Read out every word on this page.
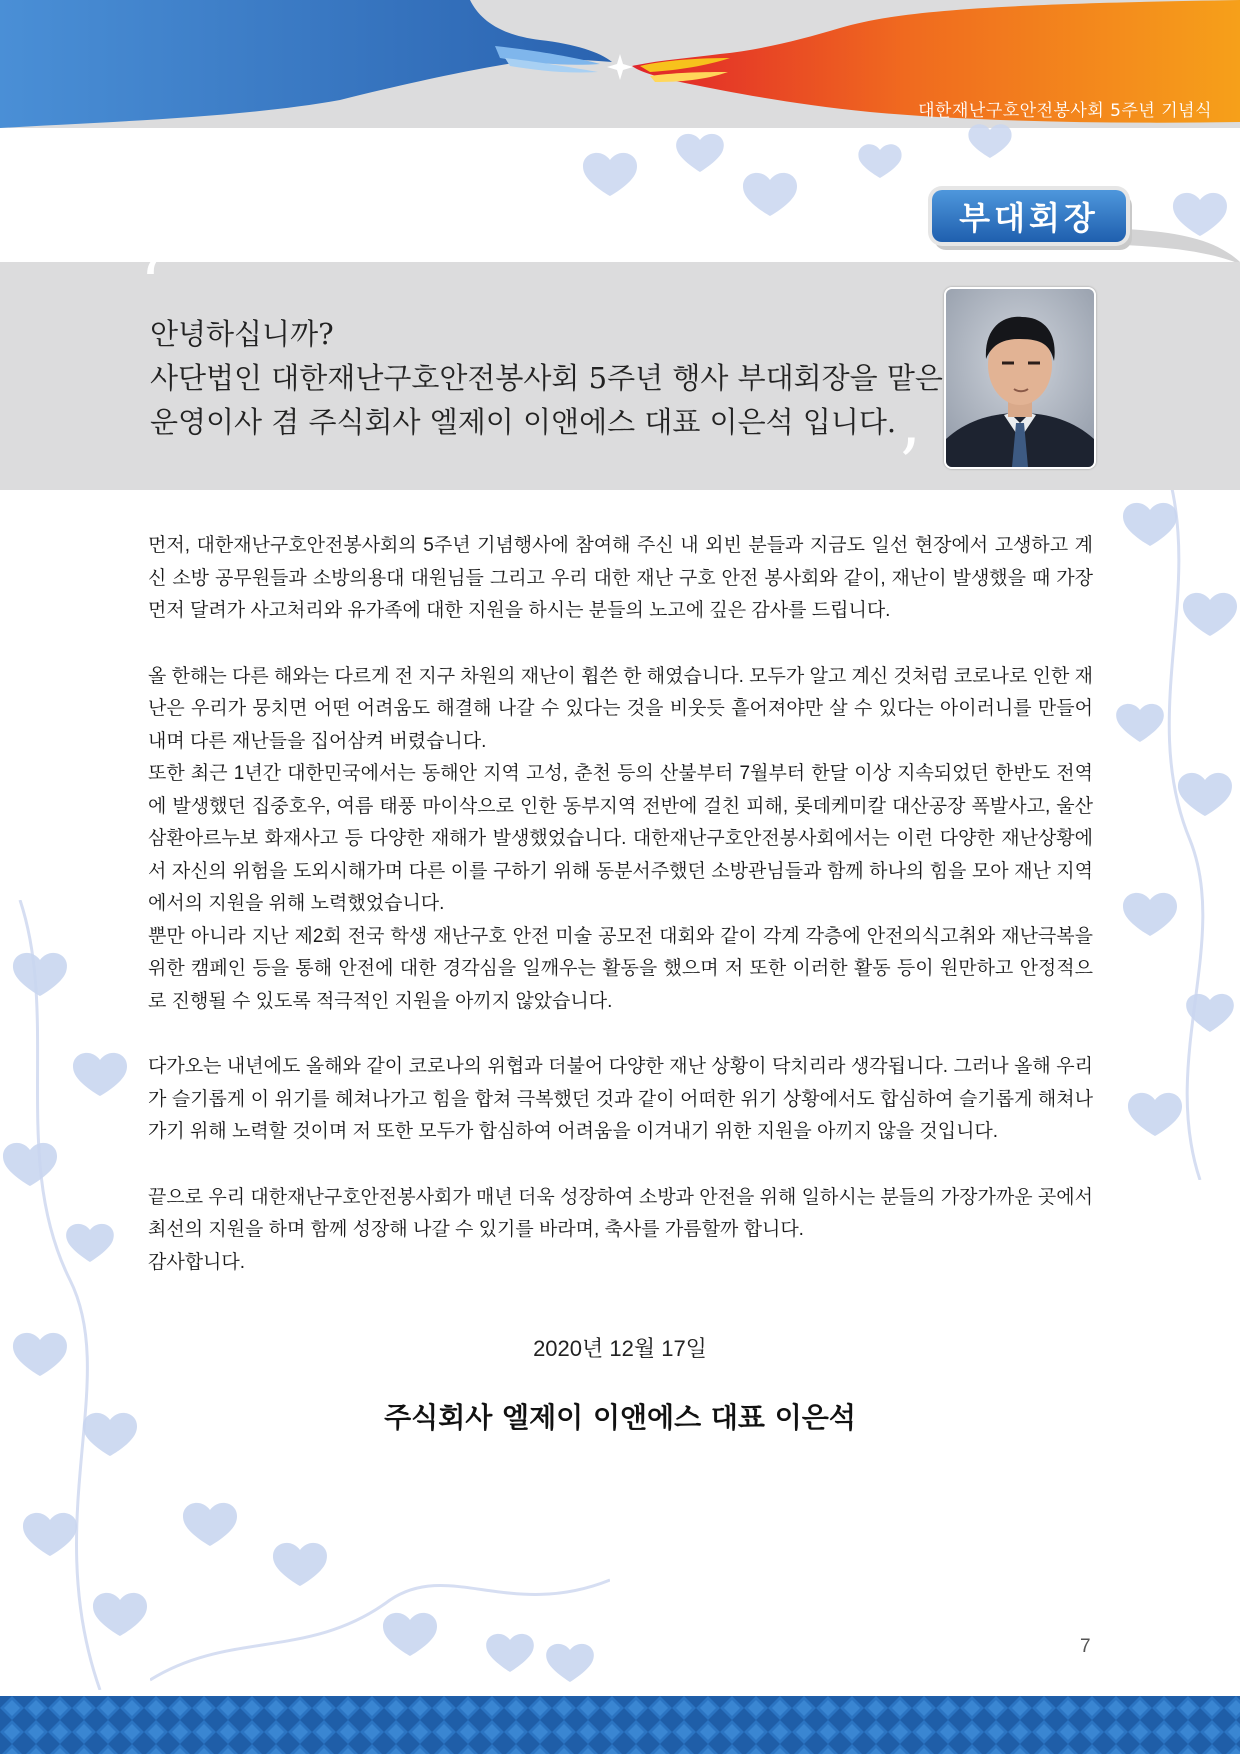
대한재난구호안전봉사회 5주년 기념식
부대회장
‘
’
안녕하십니까?
사단법인 대한재난구호안전봉사회 5주년 행사 부대회장을 맡은
운영이사 겸 주식회사 엘제이 이앤에스 대표 이은석 입니다.

먼저, 대한재난구호안전봉사회의 5주년 기념행사에 참여해 주신 내 외빈 분들과 지금도 일선 현장에서 고생하고 계신 소방 공무원들과 소방의용대 대원님들 그리고 우리 대한 재난 구호 안전 봉사회와 같이, 재난이 발생했을 때 가장 먼저 달려가 사고처리와 유가족에 대한 지원을 하시는 분들의 노고에 깊은 감사를 드립니다.

올 한해는 다른 해와는 다르게 전 지구 차원의 재난이 휩쓴 한 해였습니다. 모두가 알고 계신 것처럼 코로나로 인한 재난은 우리가 뭉치면 어떤 어려움도 해결해 나갈 수 있다는 것을 비웃듯 흩어져야만 살 수 있다는 아이러니를 만들어내며 다른 재난들을 집어삼켜 버렸습니다.

또한 최근 1년간 대한민국에서는 동해안 지역 고성, 춘천 등의 산불부터 7월부터 한달 이상 지속되었던 한반도 전역에 발생했던 집중호우, 여름 태풍 마이삭으로 인한 동부지역 전반에 걸친 피해, 롯데케미칼 대산공장 폭발사고, 울산 삼환아르누보 화재사고 등 다양한 재해가 발생했었습니다. 대한재난구호안전봉사회에서는 이런 다양한 재난상황에서 자신의 위험을 도외시해가며 다른 이를 구하기 위해 동분서주했던 소방관님들과 함께 하나의 힘을 모아 재난 지역에서의 지원을 위해 노력했었습니다.

뿐만 아니라 지난 제2회 전국 학생 재난구호 안전 미술 공모전 대회와 같이 각계 각층에 안전의식고취와 재난극복을 위한 캠페인 등을 통해 안전에 대한 경각심을 일깨우는 활동을 했으며 저 또한 이러한 활동 등이 원만하고 안정적으로 진행될 수 있도록 적극적인 지원을 아끼지 않았습니다.

다가오는 내년에도 올해와 같이 코로나의 위협과 더불어 다양한 재난 상황이 닥치리라 생각됩니다. 그러나 올해 우리가 슬기롭게 이 위기를 헤쳐나가고 힘을 합쳐 극복했던 것과 같이 어떠한 위기 상황에서도 합심하여 슬기롭게 해쳐나가기 위해 노력할 것이며 저 또한 모두가 합심하여 어려움을 이겨내기 위한 지원을 아끼지 않을 것입니다.

끝으로 우리 대한재난구호안전봉사회가 매년 더욱 성장하여 소방과 안전을 위해 일하시는 분들의 가장가까운 곳에서 최선의 지원을 하며 함께 성장해 나갈 수 있기를 바라며, 축사를 가름할까 합니다.

감사합니다.

2020년 12월 17일
주식회사 엘제이 이앤에스 대표 이은석
7
